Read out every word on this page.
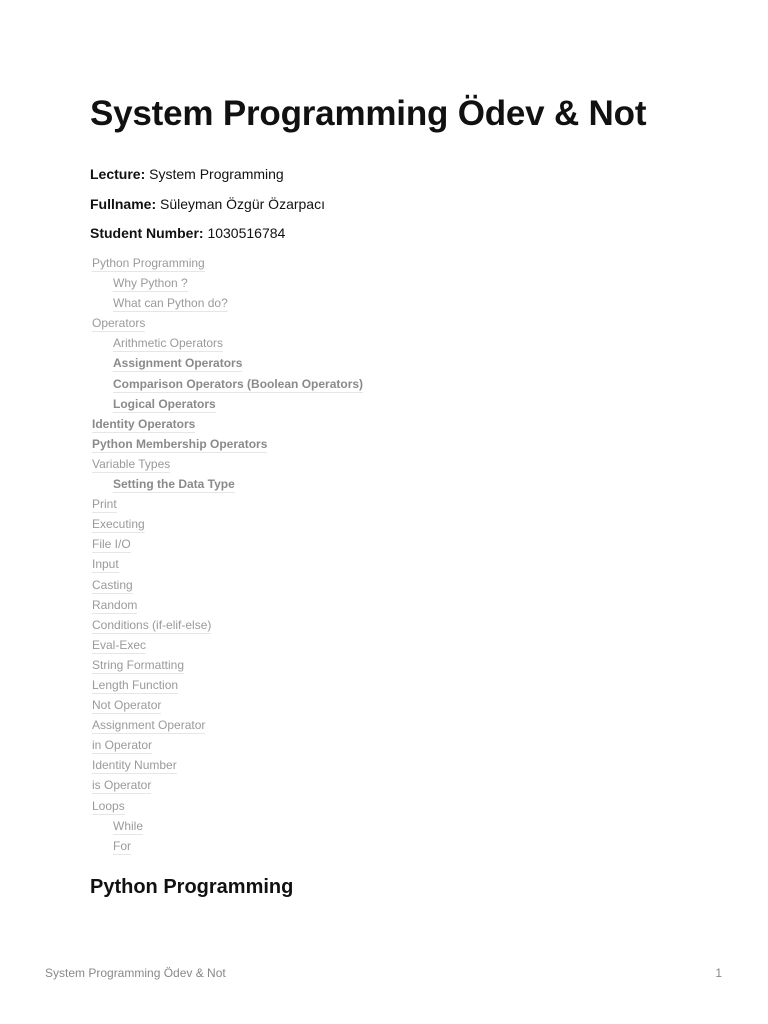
System Programming Ödev & Not
Lecture: System Programming
Fullname: Süleyman Özgür Özarpacı
Student Number: 1030516784
Python Programming
Why Python ?
What can Python do?
Operators
Arithmetic Operators
Assignment Operators
Comparison Operators (Boolean Operators)
Logical Operators
Identity Operators
Python Membership Operators
Variable Types
Setting the Data Type
Print
Executing
File I/O
Input
Casting
Random
Conditions (if-elif-else)
Eval-Exec
String Formatting
Length Function
Not Operator
Assignment Operator
in Operator
Identity Number
is Operator
Loops
While
For
Python Programming
System Programming Ödev & Not	1
